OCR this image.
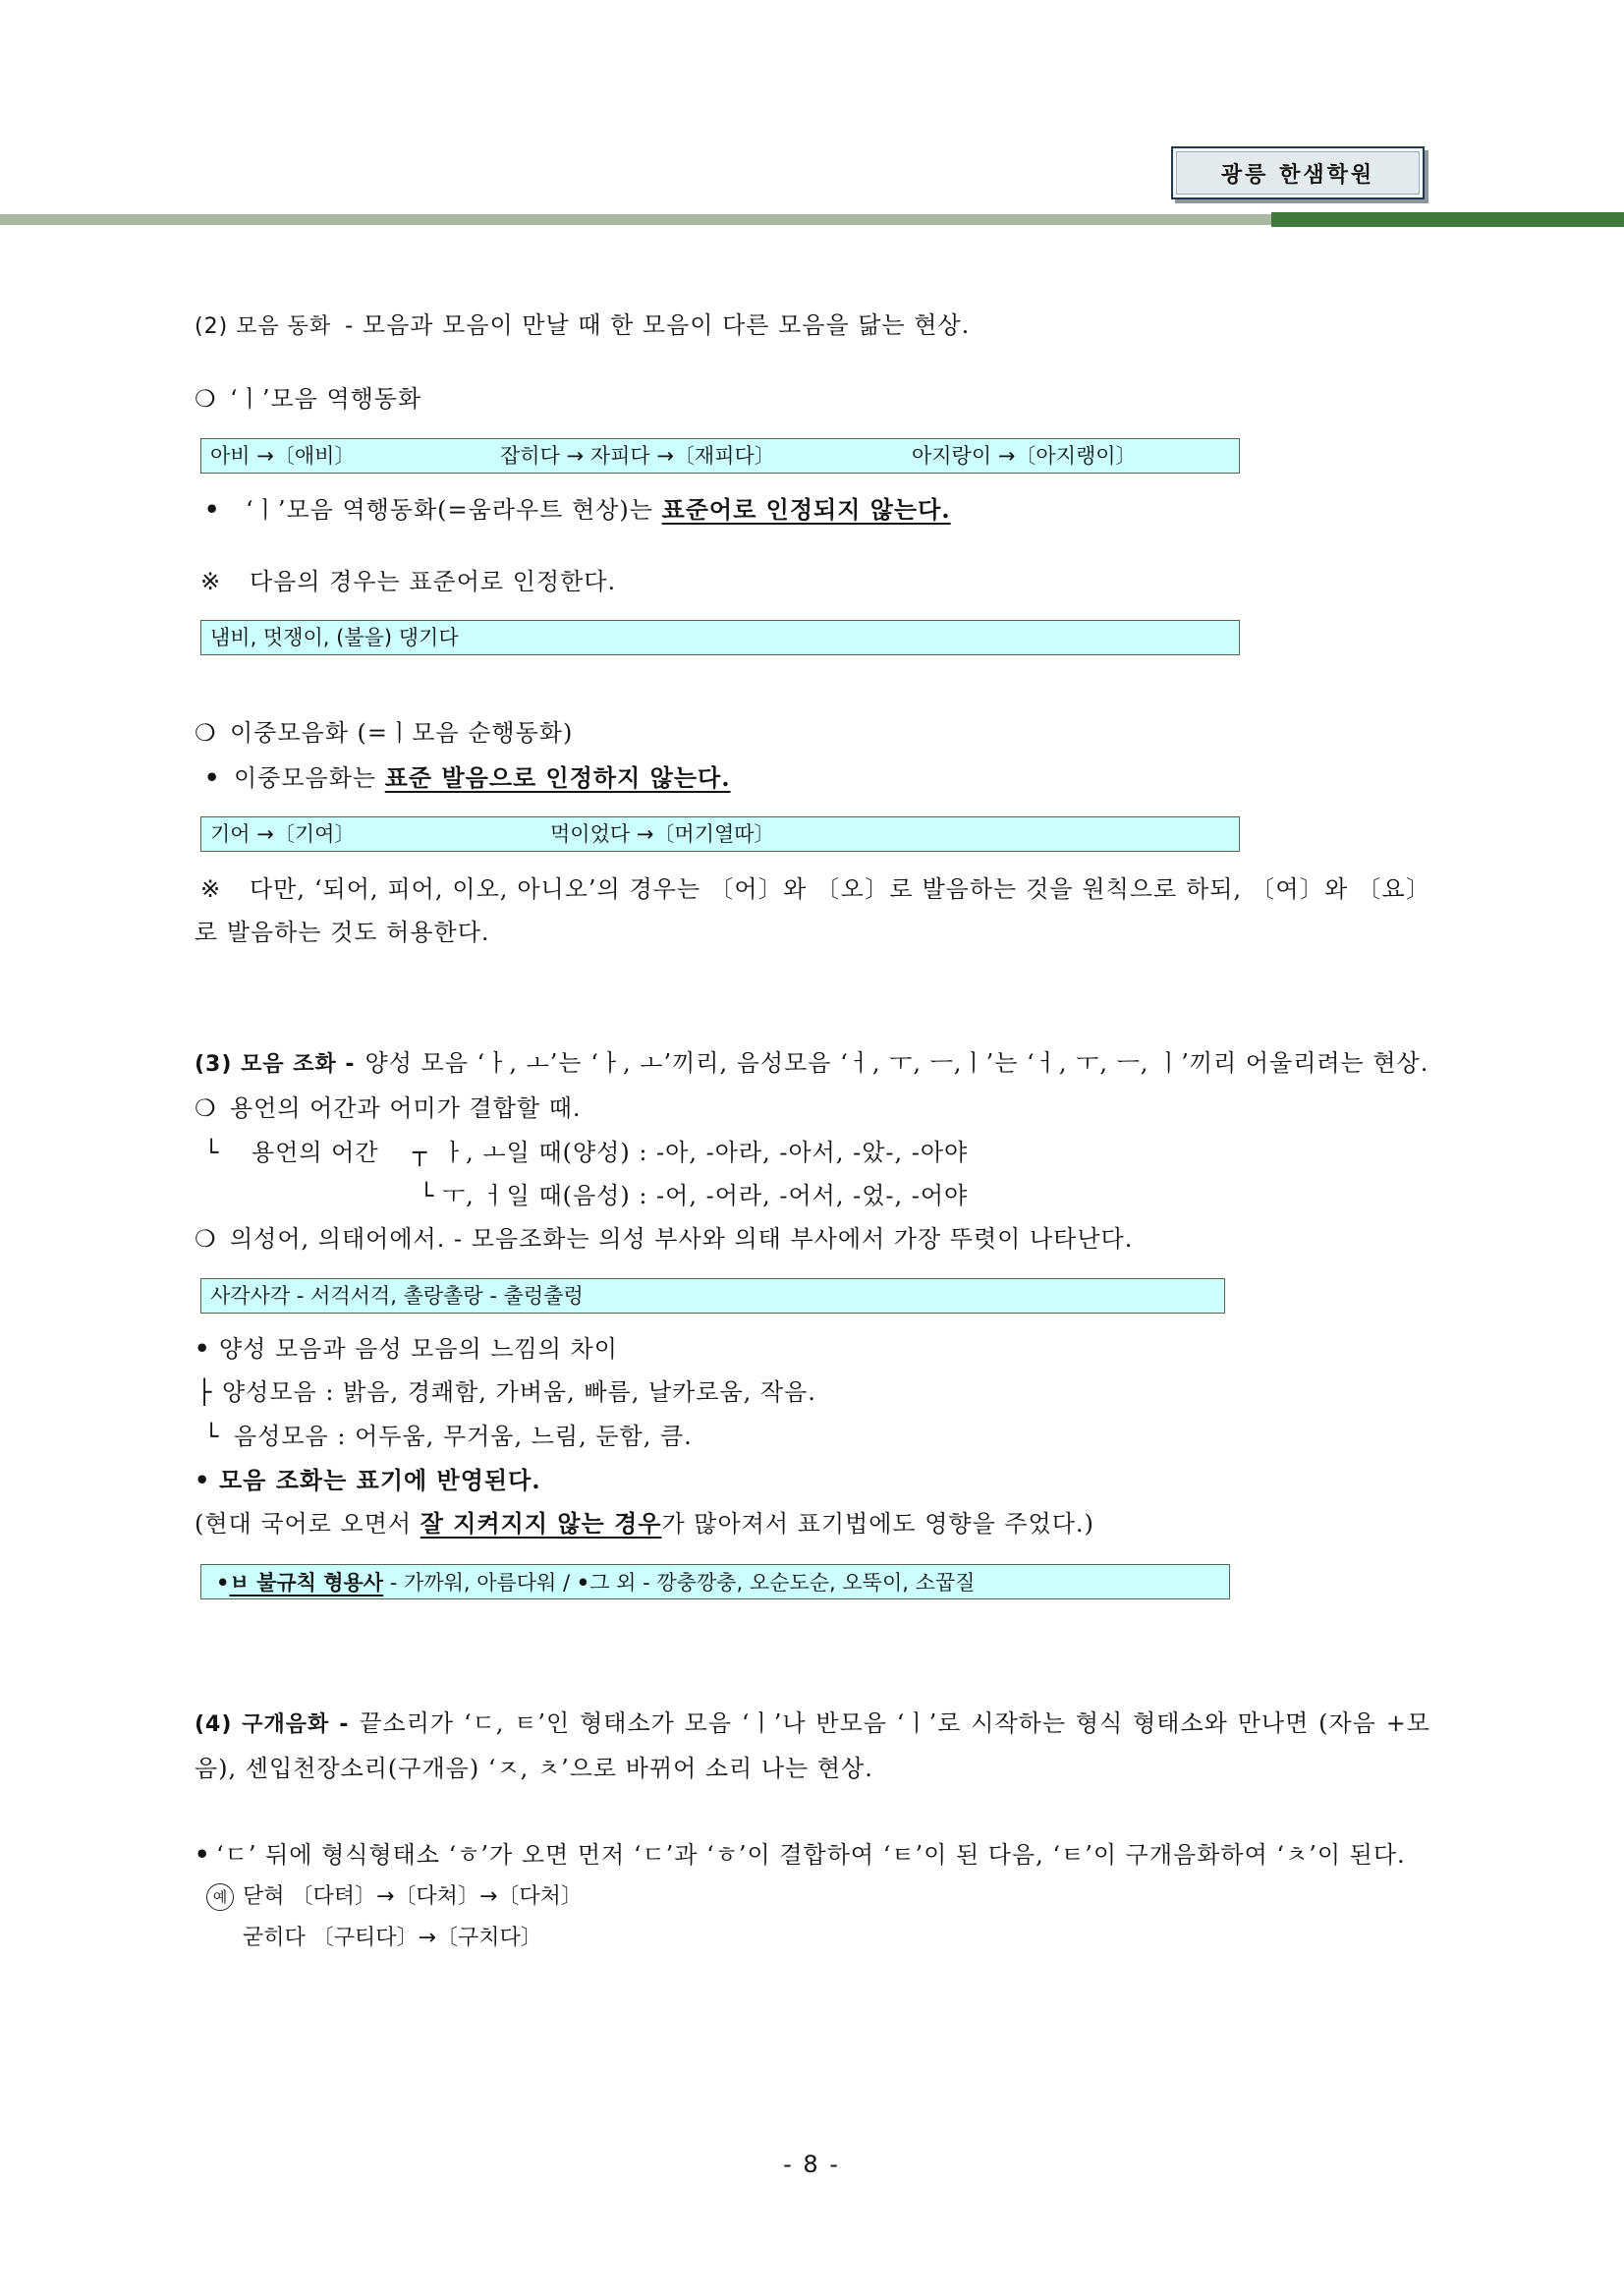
광릉 한샘학원
(2) 모음 동화 - 모음과 모음이 만날 때 한 모음이 다른 모음을 닮는 현상.
❍ ‘ㅣ’모음 역행동화
아비 →〔애비〕	잡히다 → 자피다 →〔재피다〕	아지랑이 →〔아지랭이〕
• ‘ㅣ’모음 역행동화(=움라우트 현상)는 표준어로 인정되지 않는다.
※ 다음의 경우는 표준어로 인정한다.
냄비, 멋쟁이, (불을) 댕기다
❍ 이중모음화 (=ㅣ모음 순행동화)
• 이중모음화는 표준 발음으로 인정하지 않는다.
기어 →〔기여〕	먹이었다 →〔머기열따〕
※ 다만, ‘되어, 피어, 이오, 아니오’의 경우는 〔어〕와 〔오〕로 발음하는 것을 원칙으로 하되, 〔여〕와 〔요〕로 발음하는 것도 허용한다.
(3) 모음 조화 - 양성 모음 ‘ㅏ, ㅗ’는 ‘ㅏ, ㅗ’끼리, 음성모음 ‘ㅓ, ㅜ, ㅡ,ㅣ’는 ‘ㅓ, ㅜ, ㅡ, ㅣ’끼리 어울리려는 현상.
❍ 용언의 어간과 어미가 결합할 때.
└ 용언의 어간 ┬ ㅏ, ㅗ일 때(양성) : -아, -아라, -아서, -았-, -아야
└ ㅜ, ㅓ일 때(음성) : -어, -어라, -어서, -었-, -어야
❍ 의성어, 의태어에서. - 모음조화는 의성 부사와 의태 부사에서 가장 뚜렷이 나타난다.
사각사각 - 서걱서걱, 촐랑촐랑 - 출렁출렁
• 양성 모음과 음성 모음의 느낌의 차이
├ 양성모음 : 밝음, 경쾌함, 가벼움, 빠름, 날카로움, 작음.
└ 음성모음 : 어두움, 무거움, 느림, 둔함, 큼.
• 모음 조화는 표기에 반영된다.
(현대 국어로 오면서 잘 지켜지지 않는 경우가 많아져서 표기법에도 영향을 주었다.)
•ㅂ 불규칙 형용사 - 가까워, 아름다워 / •그 외 - 깡충깡충, 오순도순, 오뚝이, 소꿉질
(4) 구개음화 - 끝소리가 ‘ㄷ, ㅌ’인 형태소가 모음 ‘ㅣ’나 반모음 ‘ㅣ’로 시작하는 형식 형태소와 만나면 (자음 +모음), 센입천장소리(구개음) ‘ㅈ, ㅊ’으로 바뀌어 소리 나는 현상.
• ‘ㄷ’ 뒤에 형식형태소 ‘ㅎ’가 오면 먼저 ‘ㄷ’과 ‘ㅎ’이 결합하여 ‘ㅌ’이 된 다음, ‘ㅌ’이 구개음화하여 ‘ㅊ’이 된다.
예 닫혀 〔다텨〕→〔다쳐〕→〔다처〕
굳히다 〔구티다〕→〔구치다〕
- 8 -
